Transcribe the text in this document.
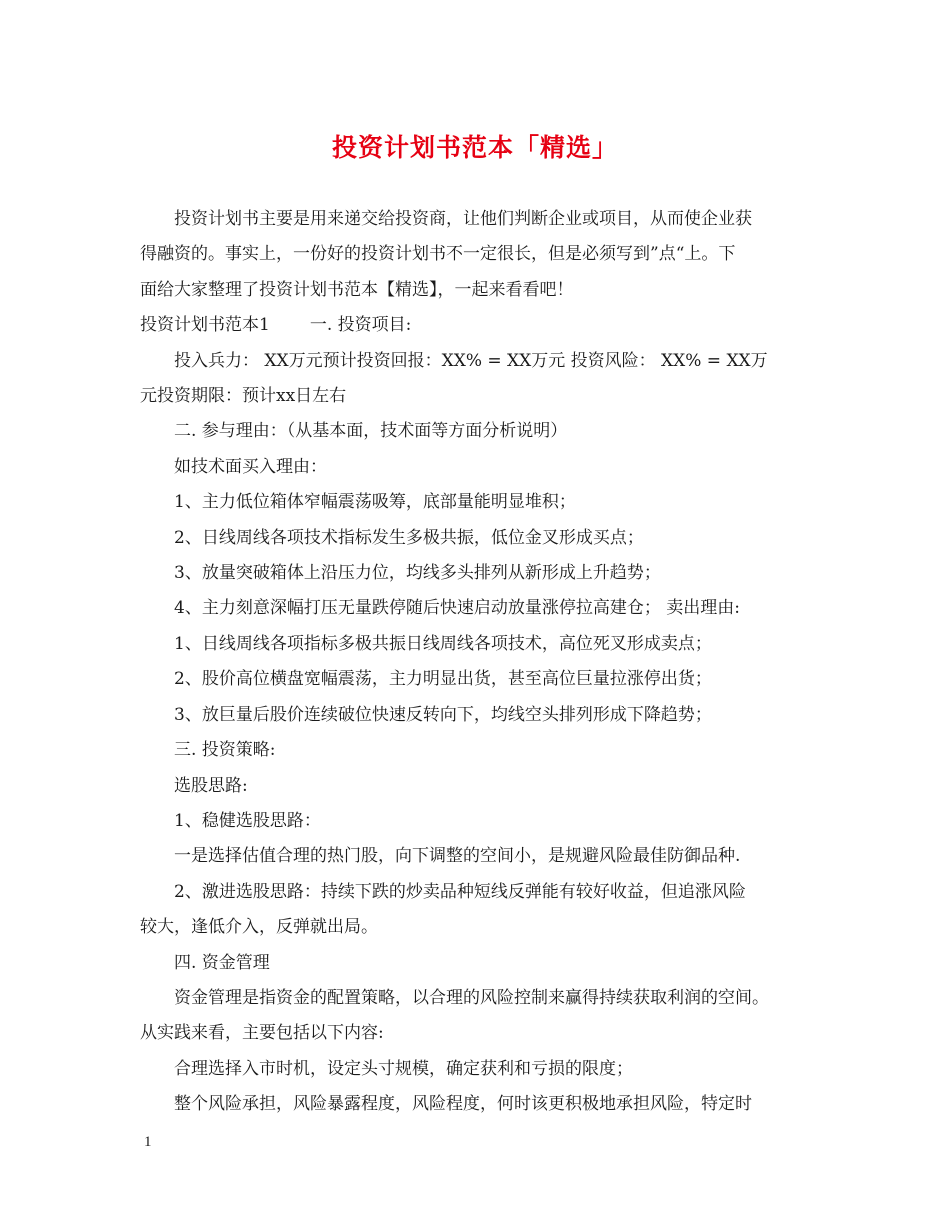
投资计划书范本「精选」

投资计划书主要是用来递交给投资商，让他们判断企业或项目，从而使企业获

得融资的。事实上，一份好的投资计划书不一定很长，但是必须写到”点“上。下

面给大家整理了投资计划书范本【精选】，一起来看看吧！

投资计划书范本1 一. 投资项目:

投入兵力： XX万元预计投资回报：XX% = XX万元 投资风险： XX% = XX万

元投资期限：预计xx日左右

二. 参与理由：（从基本面，技术面等方面分析说明）

如技术面买入理由：

1、主力低位箱体窄幅震荡吸筹，底部量能明显堆积；

2、日线周线各项技术指标发生多极共振，低位金叉形成买点；

3、放量突破箱体上沿压力位，均线多头排列从新形成上升趋势；

4、主力刻意深幅打压无量跌停随后快速启动放量涨停拉高建仓； 卖出理由:

1、日线周线各项指标多极共振日线周线各项技术，高位死叉形成卖点；

2、股价高位横盘宽幅震荡，主力明显出货，甚至高位巨量拉涨停出货；

3、放巨量后股价连续破位快速反转向下，均线空头排列形成下降趋势；

三. 投资策略:

选股思路:

1、稳健选股思路：

一是选择估值合理的热门股，向下调整的空间小，是规避风险最佳防御品种.

2、激进选股思路：持续下跌的炒卖品种短线反弹能有较好收益，但追涨风险

较大，逢低介入，反弹就出局。

四. 资金管理

资金管理是指资金的配置策略，以合理的风险控制来赢得持续获取利润的空间。

从实践来看，主要包括以下内容:

合理选择入市时机，设定头寸规模，确定获利和亏损的限度；

整个风险承担，风险暴露程度，风险程度，何时该更积极地承担风险，特定时

1
